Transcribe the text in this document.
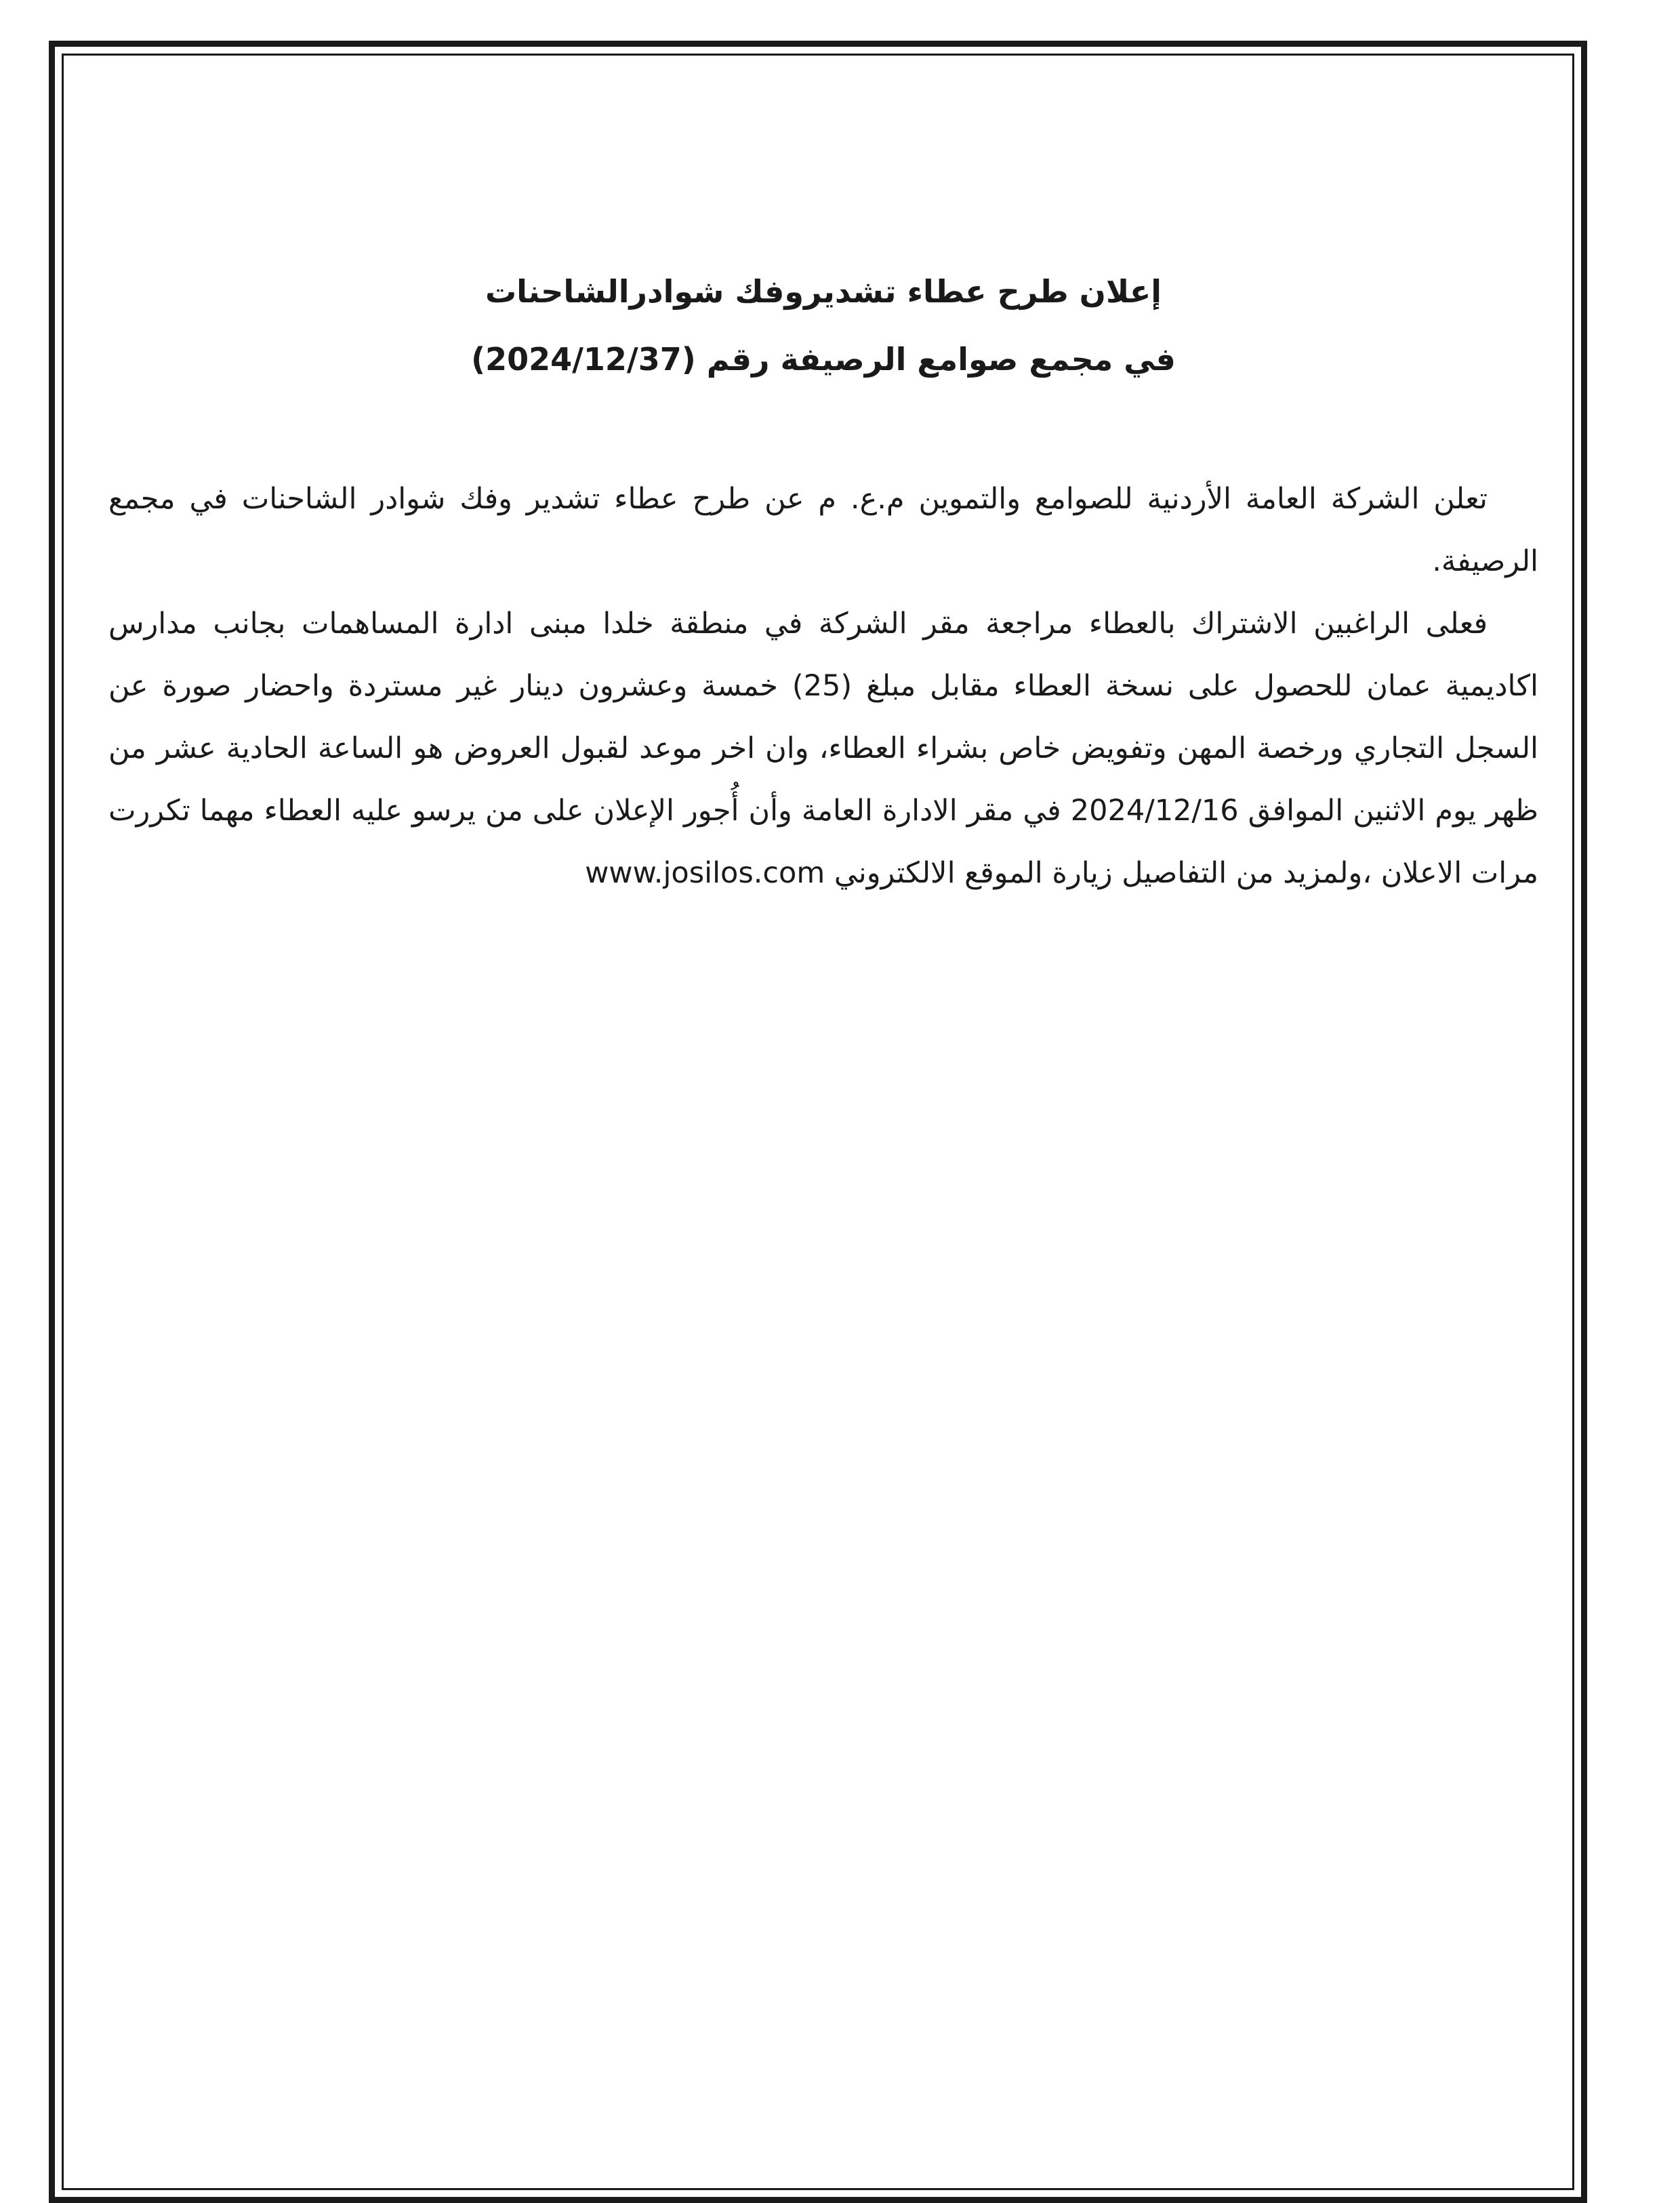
إعلان طرح عطاء تشديروفك شوادرالشاحنات
في مجمع صوامع الرصيفة رقم (2024/12/37)

تعلن الشركة العامة الأردنية للصوامع والتموين م.ع. م عن طرح عطاء تشدير وفك شوادر الشاحنات في مجمع الرصيفة.

فعلى الراغبين الاشتراك بالعطاء مراجعة مقر الشركة في منطقة خلدا مبنى ادارة المساهمات بجانب مدارس اكاديمية عمان للحصول على نسخة العطاء مقابل مبلغ (25) خمسة وعشرون دينار غير مستردة واحضار صورة عن السجل التجاري ورخصة المهن وتفويض خاص بشراء العطاء، وان اخر موعد لقبول العروض هو الساعة الحادية عشر من ظهر يوم الاثنين الموافق 2024/12/16 في مقر الادارة العامة وأن أُجور الإعلان على من يرسو عليه العطاء مهما تكررت مرات الاعلان ،ولمزيد من التفاصيل زيارة الموقع الالكتروني www.josilos.com
